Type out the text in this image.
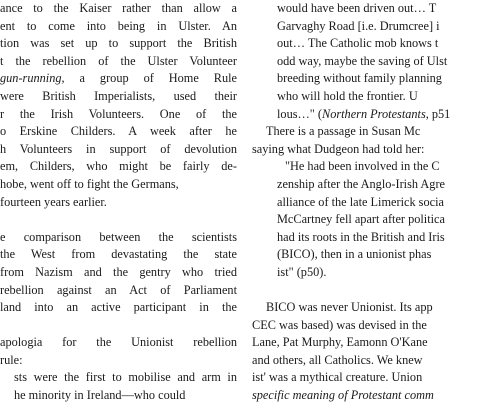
ance to the Kaiser rather than allow a
ent to come into being in Ulster. An
tion was set up to support the British
t the rebellion of the Ulster Volunteer
gun-running, a group of Home Rule
were British Imperialists, used their
r the Irish Volunteers. One of the
o Erskine Childers. A week after he
h Volunteers in support of devolution
em, Childers, who might be fairly de-
hobe, went off to fight the Germans,
fourteen years earlier.
e comparison between the scientists
the West from devastating the state
from Nazism and the gentry who tried
rebellion against an Act of Parliament
land into an active participant in the
apologia for the Unionist rebellion
rule:
sts were the first to mobilise and arm in
he minority in Ireland—who could
would have been driven out… T
Garvaghy Road [i.e. Drumcree] i
out… The Catholic mob knows t
odd way, maybe the saving of Ulst
breeding without family planning
who will hold the frontier. U
lous…" (Northern Protestants, p51
There is a passage in Susan Mc
saying what Dudgeon had told her:
"He had been involved in the C
zenship after the Anglo-Irish Agre
alliance of the late Limerick socia
McCartney fell apart after politica
had its roots in the British and Iris
(BICO), then in a unionist phas
ist" (p50).
BICO was never Unionist. Its app
CEC was based) was devised in the
Lane, Pat Murphy, Eamonn O'Kane
and others, all Catholics. We knew
ist' was a mythical creature. Union
specific meaning of Protestant comm
